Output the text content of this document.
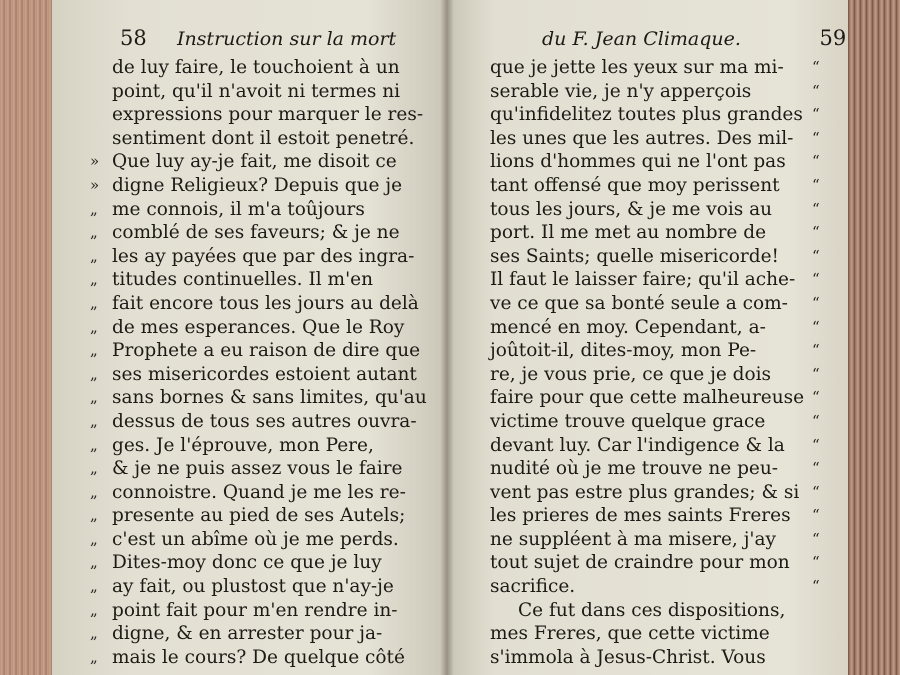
58 Instruction sur la mort
de luy faire, le touchoient à un
point, qu'il n'avoit ni termes ni
expressions pour marquer le res-
sentiment dont il estoit penetré.
» Que luy ay-je fait, me disoit ce
» digne Religieux? Depuis que je
„ me connois, il m'a toûjours
„ comblé de ses faveurs; & je ne
„ les ay payées que par des ingra-
„ titudes continuelles. Il m'en
„ fait encore tous les jours au delà
„ de mes esperances. Que le Roy
„ Prophete a eu raison de dire que
„ ses misericordes estoient autant
„ sans bornes & sans limites, qu'au
„ dessus de tous ses autres ouvra-
„ ges. Je l'éprouve, mon Pere,
„ & je ne puis assez vous le faire
„ connoistre. Quand je me les re-
„ presente au pied de ses Autels;
„ c'est un abîme où je me perds.
„ Dites-moy donc ce que je luy
„ ay fait, ou plustost que n'ay-je
„ point fait pour m'en rendre in-
„ digne, & en arrester pour ja-
„ mais le cours? De quelque côté
du F. Jean Climaque.	59
“
que je jette les yeux sur ma mi-
“
serable vie, je n'y apperçois
“
qu'infidelitez toutes plus grandes
“
les unes que les autres. Des mil-
“
lions d'hommes qui ne l'ont pas
“
tant offensé que moy perissent
“
tous les jours, & je me vois au
“
port. Il me met au nombre de
“
ses Saints; quelle misericorde!
“
Il faut le laisser faire; qu'il ache-
“
ve ce que sa bonté seule a com-
“
mencé en moy. Cependant, a-
“
joûtoit-il, dites-moy, mon Pe-
“
re, je vous prie, ce que je dois
“
faire pour que cette malheureuse
“
victime trouve quelque grace
“
devant luy. Car l'indigence & la
“
nudité où je me trouve ne peu-
“
vent pas estre plus grandes; & si
“
les prieres de mes saints Freres
“
ne suppléent à ma misere, j'ay
“
tout sujet de craindre pour mon
“
sacrifice.
Ce fut dans ces dispositions,
mes Freres, que cette victime
s'immola à Jesus-Christ. Vous
